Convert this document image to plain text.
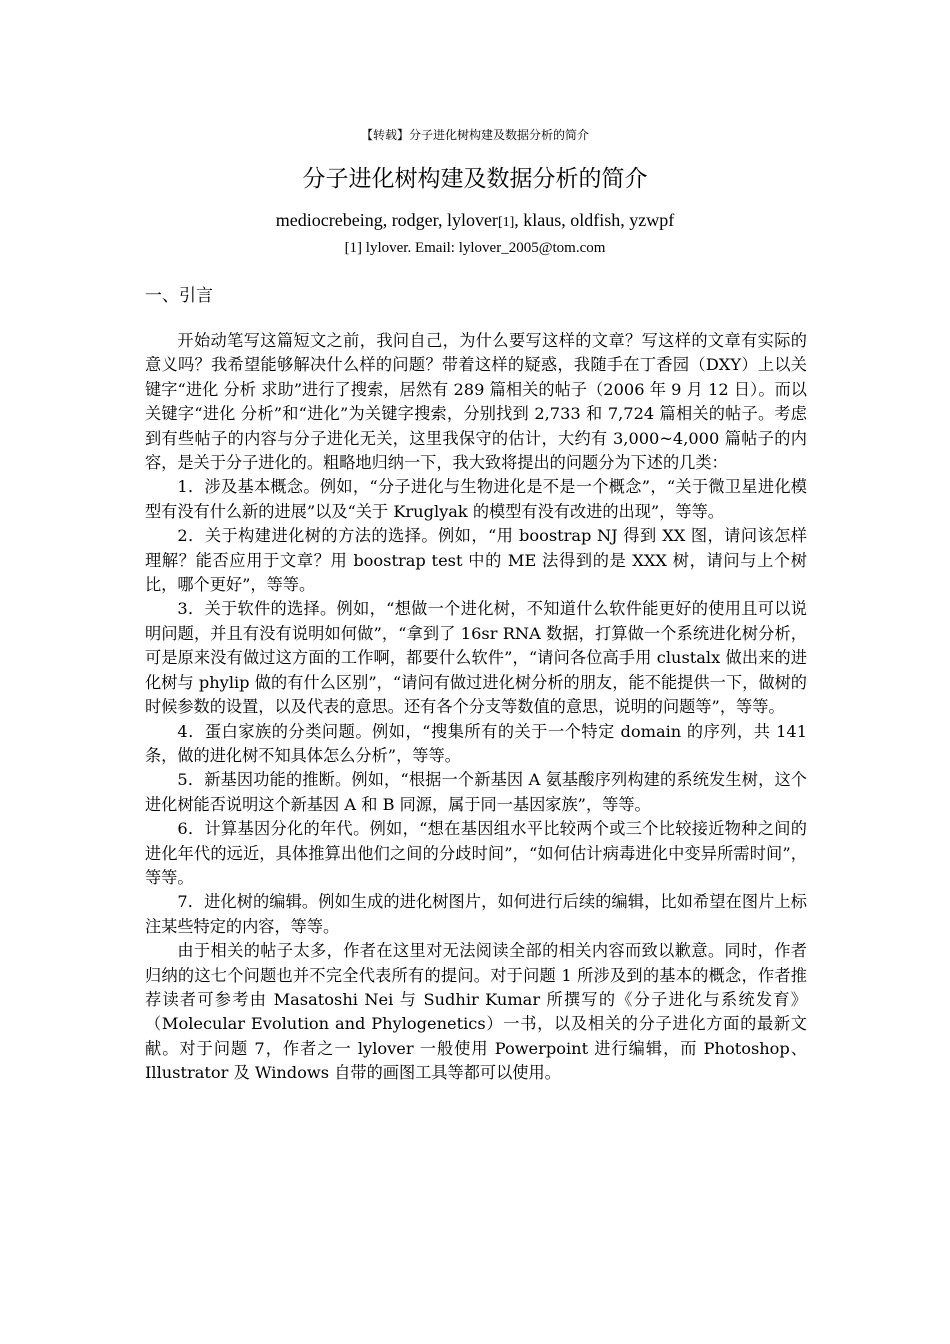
【转载】分子进化树构建及数据分析的简介
分子进化树构建及数据分析的简介
mediocrebeing, rodger, lylover[1], klaus, oldfish, yzwpf
[1] lylover. Email: lylover_2005@tom.com
一、引言

开始动笔写这篇短文之前，我问自己，为什么要写这样的文章？写这样的文章有实际的意义吗？我希望能够解决什么样的问题？带着这样的疑惑，我随手在丁香园（DXY）上以关键字“进化 分析 求助”进行了搜索，居然有 289 篇相关的帖子（2006 年 9 月 12 日）。而以关键字“进化 分析”和“进化”为关键字搜索，分别找到 2,733 和 7,724 篇相关的帖子。考虑到有些帖子的内容与分子进化无关，这里我保守的估计，大约有 3,000~4,000 篇帖子的内容，是关于分子进化的。粗略地归纳一下，我大致将提出的问题分为下述的几类：

1．涉及基本概念。例如，“分子进化与生物进化是不是一个概念”，“关于微卫星进化模型有没有什么新的进展”以及“关于 Kruglyak 的模型有没有改进的出现”，等等。

2．关于构建进化树的方法的选择。例如，“用 boostrap NJ 得到 XX 图，请问该怎样理解？能否应用于文章？用 boostrap test 中的 ME 法得到的是 XXX 树，请问与上个树比，哪个更好”，等等。

3．关于软件的选择。例如，“想做一个进化树，不知道什么软件能更好的使用且可以说明问题，并且有没有说明如何做”，“拿到了 16sr RNA 数据，打算做一个系统进化树分析，可是原来没有做过这方面的工作啊，都要什么软件”，“请问各位高手用 clustalx 做出来的进化树与 phylip 做的有什么区别”，“请问有做过进化树分析的朋友，能不能提供一下，做树的时候参数的设置，以及代表的意思。还有各个分支等数值的意思，说明的问题等”，等等。

4．蛋白家族的分类问题。例如，“搜集所有的关于一个特定 domain 的序列，共 141 条，做的进化树不知具体怎么分析”，等等。

5．新基因功能的推断。例如，“根据一个新基因 A 氨基酸序列构建的系统发生树，这个进化树能否说明这个新基因 A 和 B 同源，属于同一基因家族”，等等。

6．计算基因分化的年代。例如，“想在基因组水平比较两个或三个比较接近物种之间的进化年代的远近，具体推算出他们之间的分歧时间”，“如何估计病毒进化中变异所需时间”，等等。

7．进化树的编辑。例如生成的进化树图片，如何进行后续的编辑，比如希望在图片上标注某些特定的内容，等等。

由于相关的帖子太多，作者在这里对无法阅读全部的相关内容而致以歉意。同时，作者归纳的这七个问题也并不完全代表所有的提问。对于问题 1 所涉及到的基本的概念，作者推荐读者可参考由 Masatoshi Nei 与 Sudhir Kumar 所撰写的《分子进化与系统发育》（Molecular Evolution and Phylogenetics）一书，以及相关的分子进化方面的最新文献。对于问题 7，作者之一 lylover 一般使用 Powerpoint 进行编辑，而 Photoshop、Illustrator 及 Windows 自带的画图工具等都可以使用。
